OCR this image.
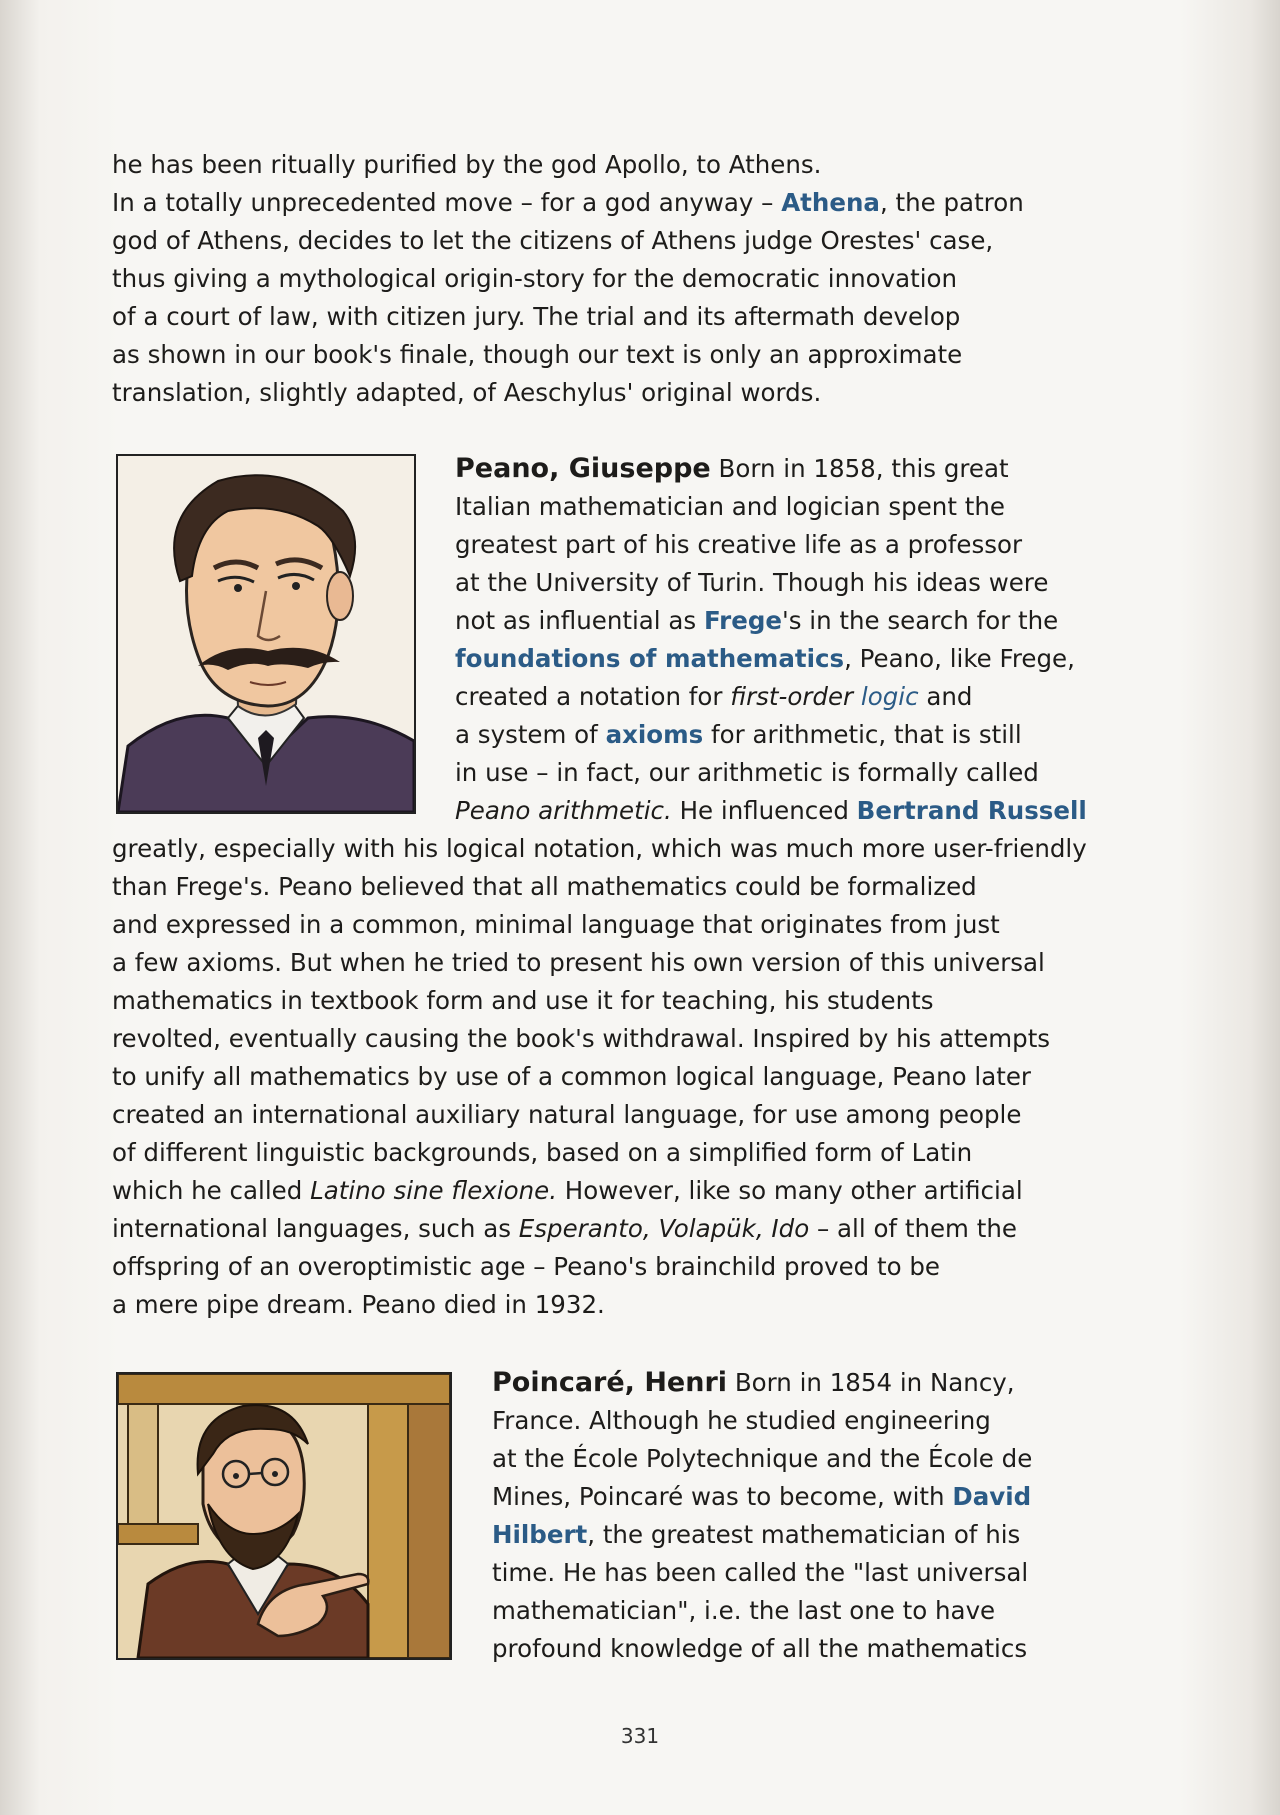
he has been ritually purified by the god Apollo, to Athens.
In a totally unprecedented move – for a god anyway – Athena, the patron
god of Athens, decides to let the citizens of Athens judge Orestes' case,
thus giving a mythological origin-story for the democratic innovation
of a court of law, with citizen jury. The trial and its aftermath develop
as shown in our book's finale, though our text is only an approximate
translation, slightly adapted, of Aeschylus' original words.
Peano, Giuseppe Born in 1858, this great
Italian mathematician and logician spent the
greatest part of his creative life as a professor
at the University of Turin. Though his ideas were
not as influential as Frege's in the search for the
foundations of mathematics, Peano, like Frege,
created a notation for first-order logic and
a system of axioms for arithmetic, that is still
in use – in fact, our arithmetic is formally called
Peano arithmetic. He influenced Bertrand Russell
greatly, especially with his logical notation, which was much more user-friendly
than Frege's. Peano believed that all mathematics could be formalized
and expressed in a common, minimal language that originates from just
a few axioms. But when he tried to present his own version of this universal
mathematics in textbook form and use it for teaching, his students
revolted, eventually causing the book's withdrawal. Inspired by his attempts
to unify all mathematics by use of a common logical language, Peano later
created an international auxiliary natural language, for use among people
of different linguistic backgrounds, based on a simplified form of Latin
which he called Latino sine flexione. However, like so many other artificial
international languages, such as Esperanto, Volapük, Ido – all of them the
offspring of an overoptimistic age – Peano's brainchild proved to be
a mere pipe dream. Peano died in 1932.
Poincaré, Henri Born in 1854 in Nancy,
France. Although he studied engineering
at the École Polytechnique and the École de
Mines, Poincaré was to become, with David
Hilbert, the greatest mathematician of his
time. He has been called the "last universal
mathematician", i.e. the last one to have
profound knowledge of all the mathematics
331
